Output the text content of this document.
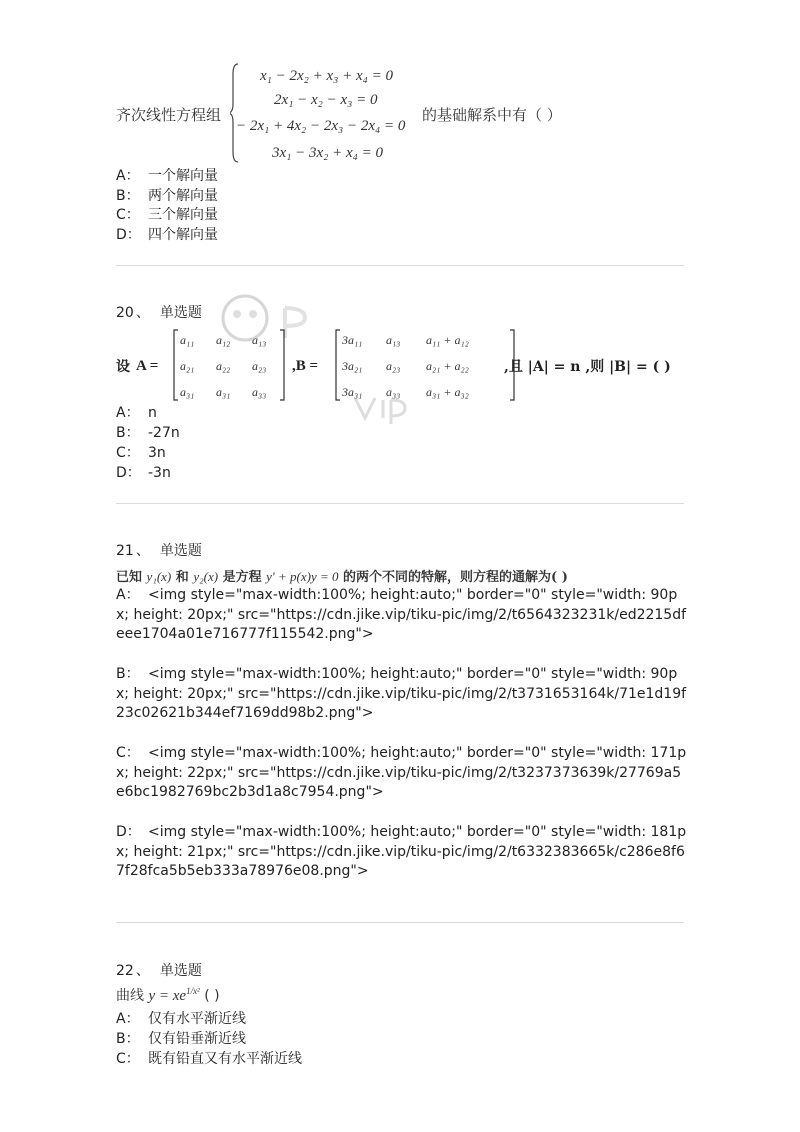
齐次线性方程组
x₁ − 2x₂ + x₃ + x₄ = 0
2x₁ − x₂ − x₃ = 0
− 2x₁ + 4x₂ − 2x₃ − 2x₄ = 0
3x₁ − 3x₂ + x₄ = 0
的基础解系中有（ ）
A： 一个解向量
B： 两个解向量
C： 三个解向量
D： 四个解向量
20 、 单选题
设 A =
a₁₁ a₁₂ a₁₃
a₂₁ a₂₂ a₂₃
a₃₁ a₃₁ a₃₃
,B =
3a₁₁ a₁₃ a₁₁ + a₁₂
3a₂₁ a₂₃ a₂₁ + a₂₂
3a₃₁ a₃₃ a₃₁ + a₃₂
,且 |A| = n ,则 |B| = ( )
A： n
B： -27n
C： 3n
D： -3n
21 、 单选题
已知 y₁(x) 和 y₂(x) 是方程 y′ + p(x)y = 0 的两个不同的特解，则方程的通解为( )
A： <img style="max-width:100%; height:auto;" border="0" style="width: 90px; height: 20px;" src="https://cdn.jike.vip/tiku-pic/img/2/t6564323231k/ed2215dfeee1704a01e716777f115542.png">
B： <img style="max-width:100%; height:auto;" border="0" style="width: 90px; height: 20px;" src="https://cdn.jike.vip/tiku-pic/img/2/t3731653164k/71e1d19f23c02621b344ef7169dd98b2.png">
C： <img style="max-width:100%; height:auto;" border="0" style="width: 171px; height: 22px;" src="https://cdn.jike.vip/tiku-pic/img/2/t3237373639k/27769a5e6bc1982769bc2b3d1a8c7954.png">
D： <img style="max-width:100%; height:auto;" border="0" style="width: 181px; height: 21px;" src="https://cdn.jike.vip/tiku-pic/img/2/t6332383665k/c286e8f67f28fca5b5eb333a78976e08.png">
22 、 单选题
曲线 $y = xe^{1/x^2}$ ( )
A： 仅有水平渐近线
B： 仅有铅垂渐近线
C： 既有铅直又有水平渐近线
